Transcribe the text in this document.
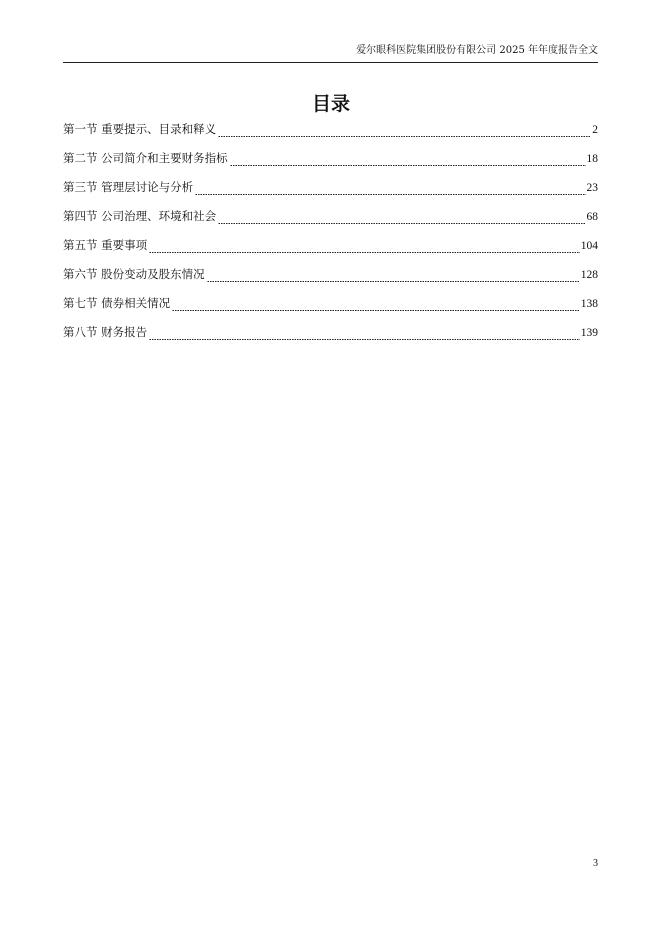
爱尔眼科医院集团股份有限公司 2025 年年度报告全文
目录
第一节 重要提示、目录和释义	2
第二节 公司简介和主要财务指标	18
第三节 管理层讨论与分析	23
第四节 公司治理、环境和社会	68
第五节 重要事项	104
第六节 股份变动及股东情况	128
第七节 债券相关情况	138
第八节 财务报告	139
3
